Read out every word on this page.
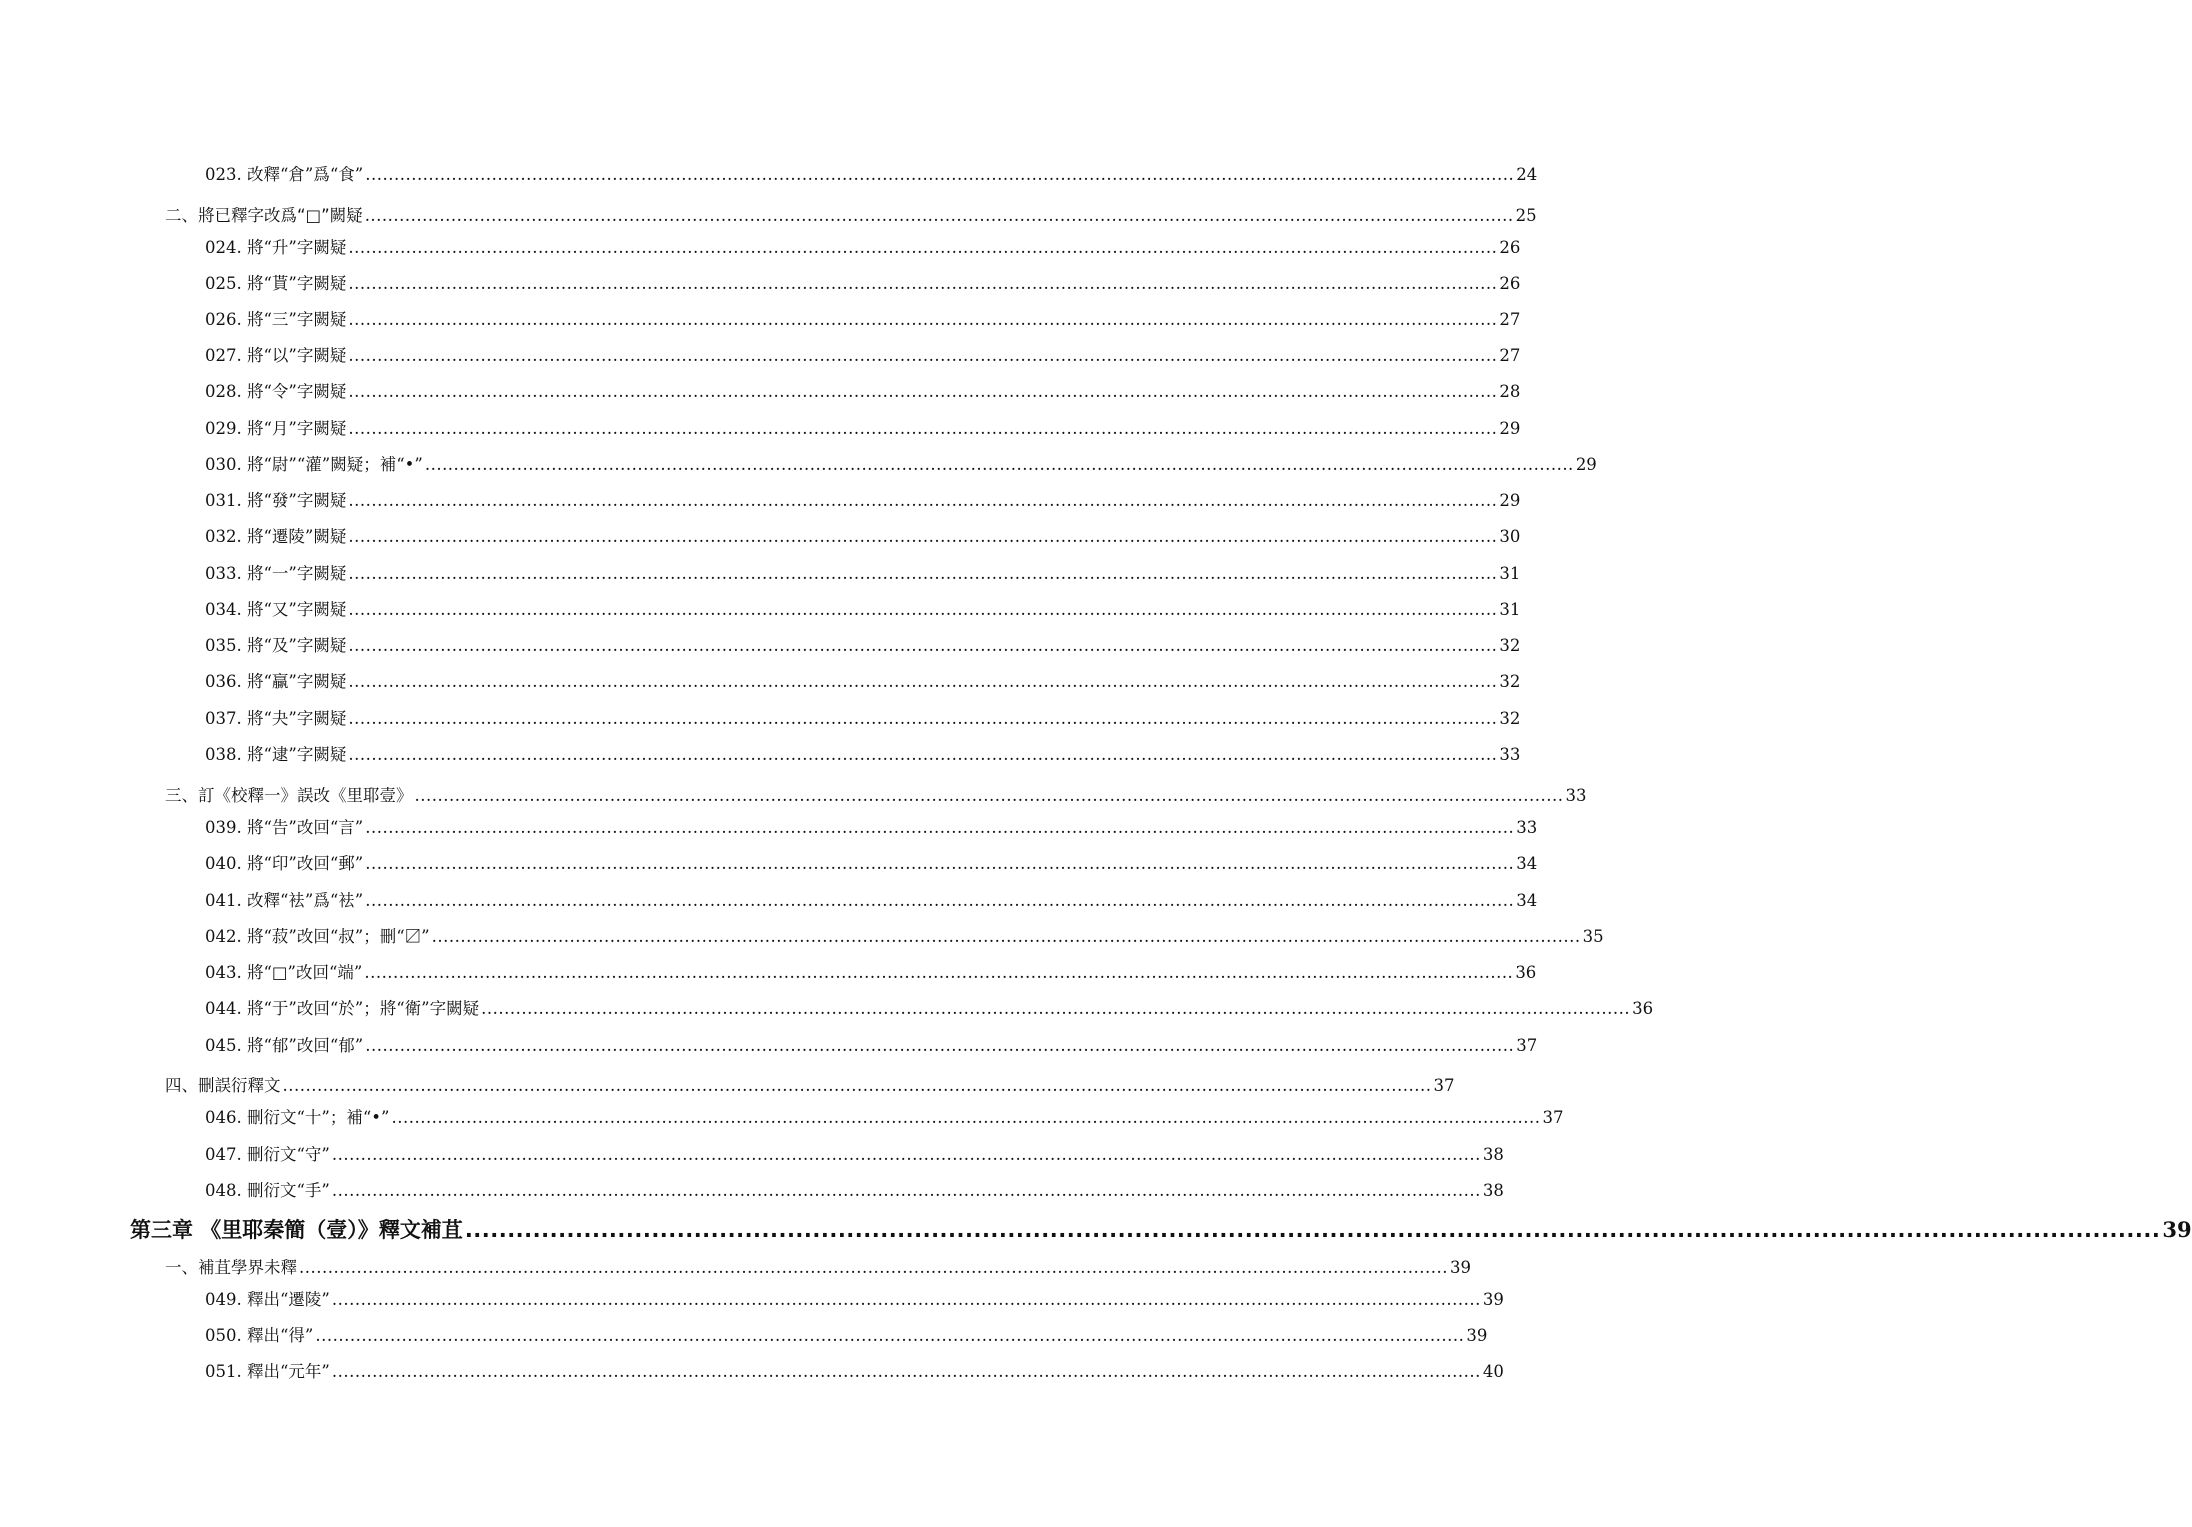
023. 改釋“倉”爲“食” ........................................................................................................................................................................................................ 24
二、將已釋字改爲“□”闕疑 ........................................................................................................................................................................................................ 25
024. 將“升”字闕疑 ........................................................................................................................................................................................................ 26
025. 將“貰”字闕疑 ........................................................................................................................................................................................................ 26
026. 將“三”字闕疑 ........................................................................................................................................................................................................ 27
027. 將“以”字闕疑 ........................................................................................................................................................................................................ 27
028. 將“令”字闕疑 ........................................................................................................................................................................................................ 28
029. 將“月”字闕疑 ........................................................................................................................................................................................................ 29
030. 將“尉”“灌”闕疑；補“•” ........................................................................................................................................................................................................ 29
031. 將“發”字闕疑 ........................................................................................................................................................................................................ 29
032. 將“遷陵”闕疑 ........................................................................................................................................................................................................ 30
033. 將“一”字闕疑 ........................................................................................................................................................................................................ 31
034. 將“又”字闕疑 ........................................................................................................................................................................................................ 31
035. 將“及”字闕疑 ........................................................................................................................................................................................................ 32
036. 將“贏”字闕疑 ........................................................................................................................................................................................................ 32
037. 將“夬”字闕疑 ........................................................................................................................................................................................................ 32
038. 將“逮”字闕疑 ........................................................................................................................................................................................................ 33
三、訂《校釋一》誤改《里耶壹》 ........................................................................................................................................................................................................ 33
039. 將“告”改回“言” ........................................................................................................................................................................................................ 33
040. 將“印”改回“郵” ........................................................................................................................................................................................................ 34
041. 改釋“袪”爲“袪” ........................................................................................................................................................................................................ 34
042. 將“菽”改回“叔”；刪“〼” ........................................................................................................................................................................................................ 35
043. 將“□”改回“端” ........................................................................................................................................................................................................ 36
044. 將“于”改回“於”；將“衛”字闕疑 ........................................................................................................................................................................................................ 36
045. 將“郁”改回“郁” ........................................................................................................................................................................................................ 37
四、刪誤衍釋文 ........................................................................................................................................................................................................ 37
046. 刪衍文“十”；補“•” ........................................................................................................................................................................................................ 37
047. 刪衍文“守” ........................................................................................................................................................................................................ 38
048. 刪衍文“手” ........................................................................................................................................................................................................ 38
第三章 《里耶秦簡（壹）》釋文補苴 ........................................................................................................................................................................................................ 39
一、補苴學界未釋 ........................................................................................................................................................................................................ 39
049. 釋出“遷陵” ........................................................................................................................................................................................................ 39
050. 釋出“得” ........................................................................................................................................................................................................ 39
051. 釋出“元年” ........................................................................................................................................................................................................ 40
